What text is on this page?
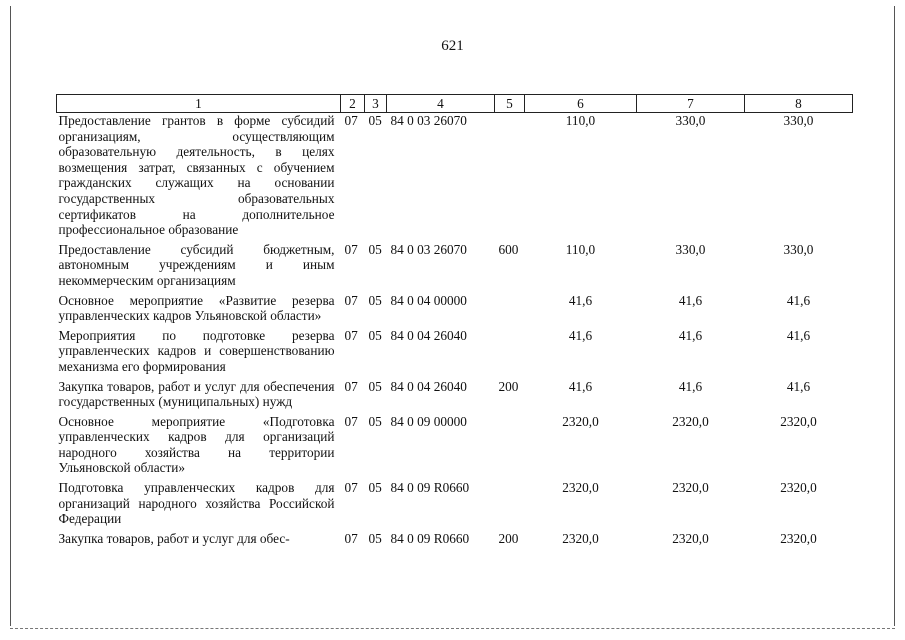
621
1	2	3	4	5	6	7	8
Предоставление грантов в форме субсидий организациям, осуществляющим образовательную деятельность, в целях возмещения затрат, связанных с обучением гражданских служащих на основании государственных образовательных сертификатов на дополнительное профессиональное образование	07	05	84 0 03 26070		110,0	330,0	330,0
Предоставление субсидий бюджетным, автономным учреждениям и иным некоммерческим организациям	07	05	84 0 03 26070	600	110,0	330,0	330,0
Основное мероприятие «Развитие резерва управленческих кадров Ульяновской области»	07	05	84 0 04 00000		41,6	41,6	41,6
Мероприятия по подготовке резерва управленческих кадров и совершенствованию механизма его формирования	07	05	84 0 04 26040		41,6	41,6	41,6
Закупка товаров, работ и услуг для обеспечения государственных (муниципальных) нужд	07	05	84 0 04 26040	200	41,6	41,6	41,6
Основное мероприятие «Подготовка управленческих кадров для организаций народного хозяйства на территории Ульяновской области»	07	05	84 0 09 00000		2320,0	2320,0	2320,0
Подготовка управленческих кадров для организаций народного хозяйства Российской Федерации	07	05	84 0 09 R0660		2320,0	2320,0	2320,0
Закупка товаров, работ и услуг для обес-	07	05	84 0 09 R0660	200	2320,0	2320,0	2320,0
